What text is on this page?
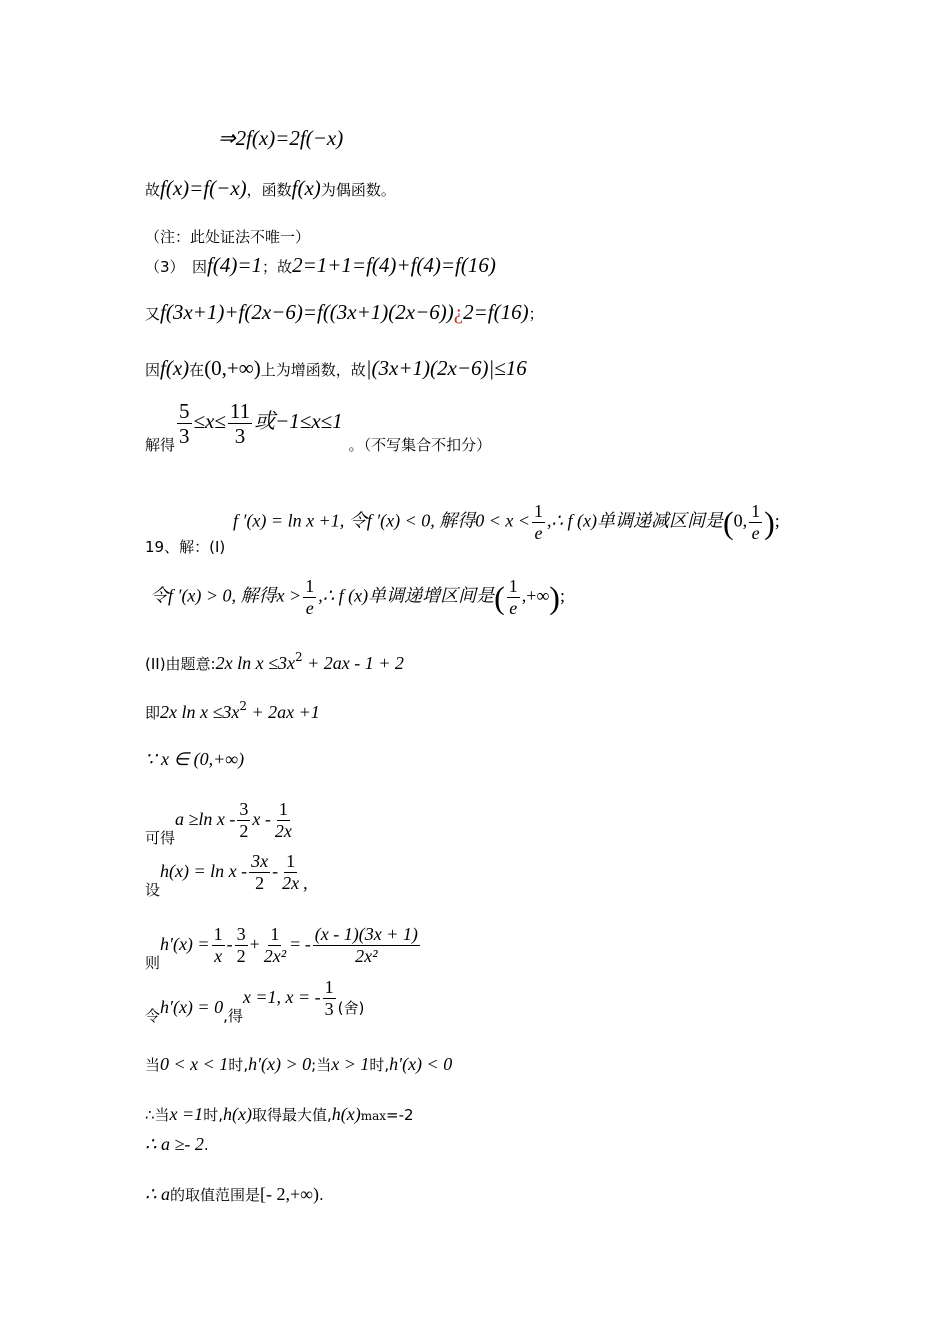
⇒2f(x)=2f(−x)
故f(x)=f(−x)，函数f(x)为偶函数。
（注：此处证法不唯一）
（3）　因f(4)=1；故2=1+1=f(4)+f(4)=f(16)
又f(3x+1)+f(2x−6)=f((3x+1)(2x−6))¿2=f(16)；
因f(x)在(0,+∞)上为增函数，故|(3x+1)(2x−6)|≤16
解得 $\frac{5}{3} \le x\le \frac{11}{3}$ 或−1≤x≤1。（不写集合不扣分）
19、解：(I)
f ′(x) = ln x +1, 令f ′(x) < 0, 解得$0 < x < \frac{1}{e}$ ,∴ f (x)单调递减区间是(0, $\frac{1}{e}$ );
令f ′(x) > 0, 解得$x > \frac{1}{e}$ ,∴ f (x)单调递增区间是( $\frac{1}{e}$ ,+∞);
(II)由题意:2x $\ln x \le 3x^2 + 2ax - 1 + 2$
即2x $\ln x \le 3x^2 + 2ax +1$
∵ x ∈ (0,+∞)
可得a ≥ln x - $\frac{3}{2}$ x - $\frac{1}{2x}$
设$h(x) = \ln x - \frac{3x}{2} - \frac{1}{2x}$ ,
则$h'(x) = \frac{1}{x} - \frac{3}{2} + \frac{1}{\text{2x²}}$ = - $\frac{(x - 1)(3x + 1)}{\text{2x²}}$
令h′(x) = 0,得x =1, x = - $\frac{1}{3}$ (舍)
当0 < x < 1时,h′(x) > 0;当x > 1时,h′(x) < 0
∴当x =1时,h(x)取得最大值,h(x)max=-2
∴ a ≥- 2.
∴ a的取值范围是[- 2,+∞).
